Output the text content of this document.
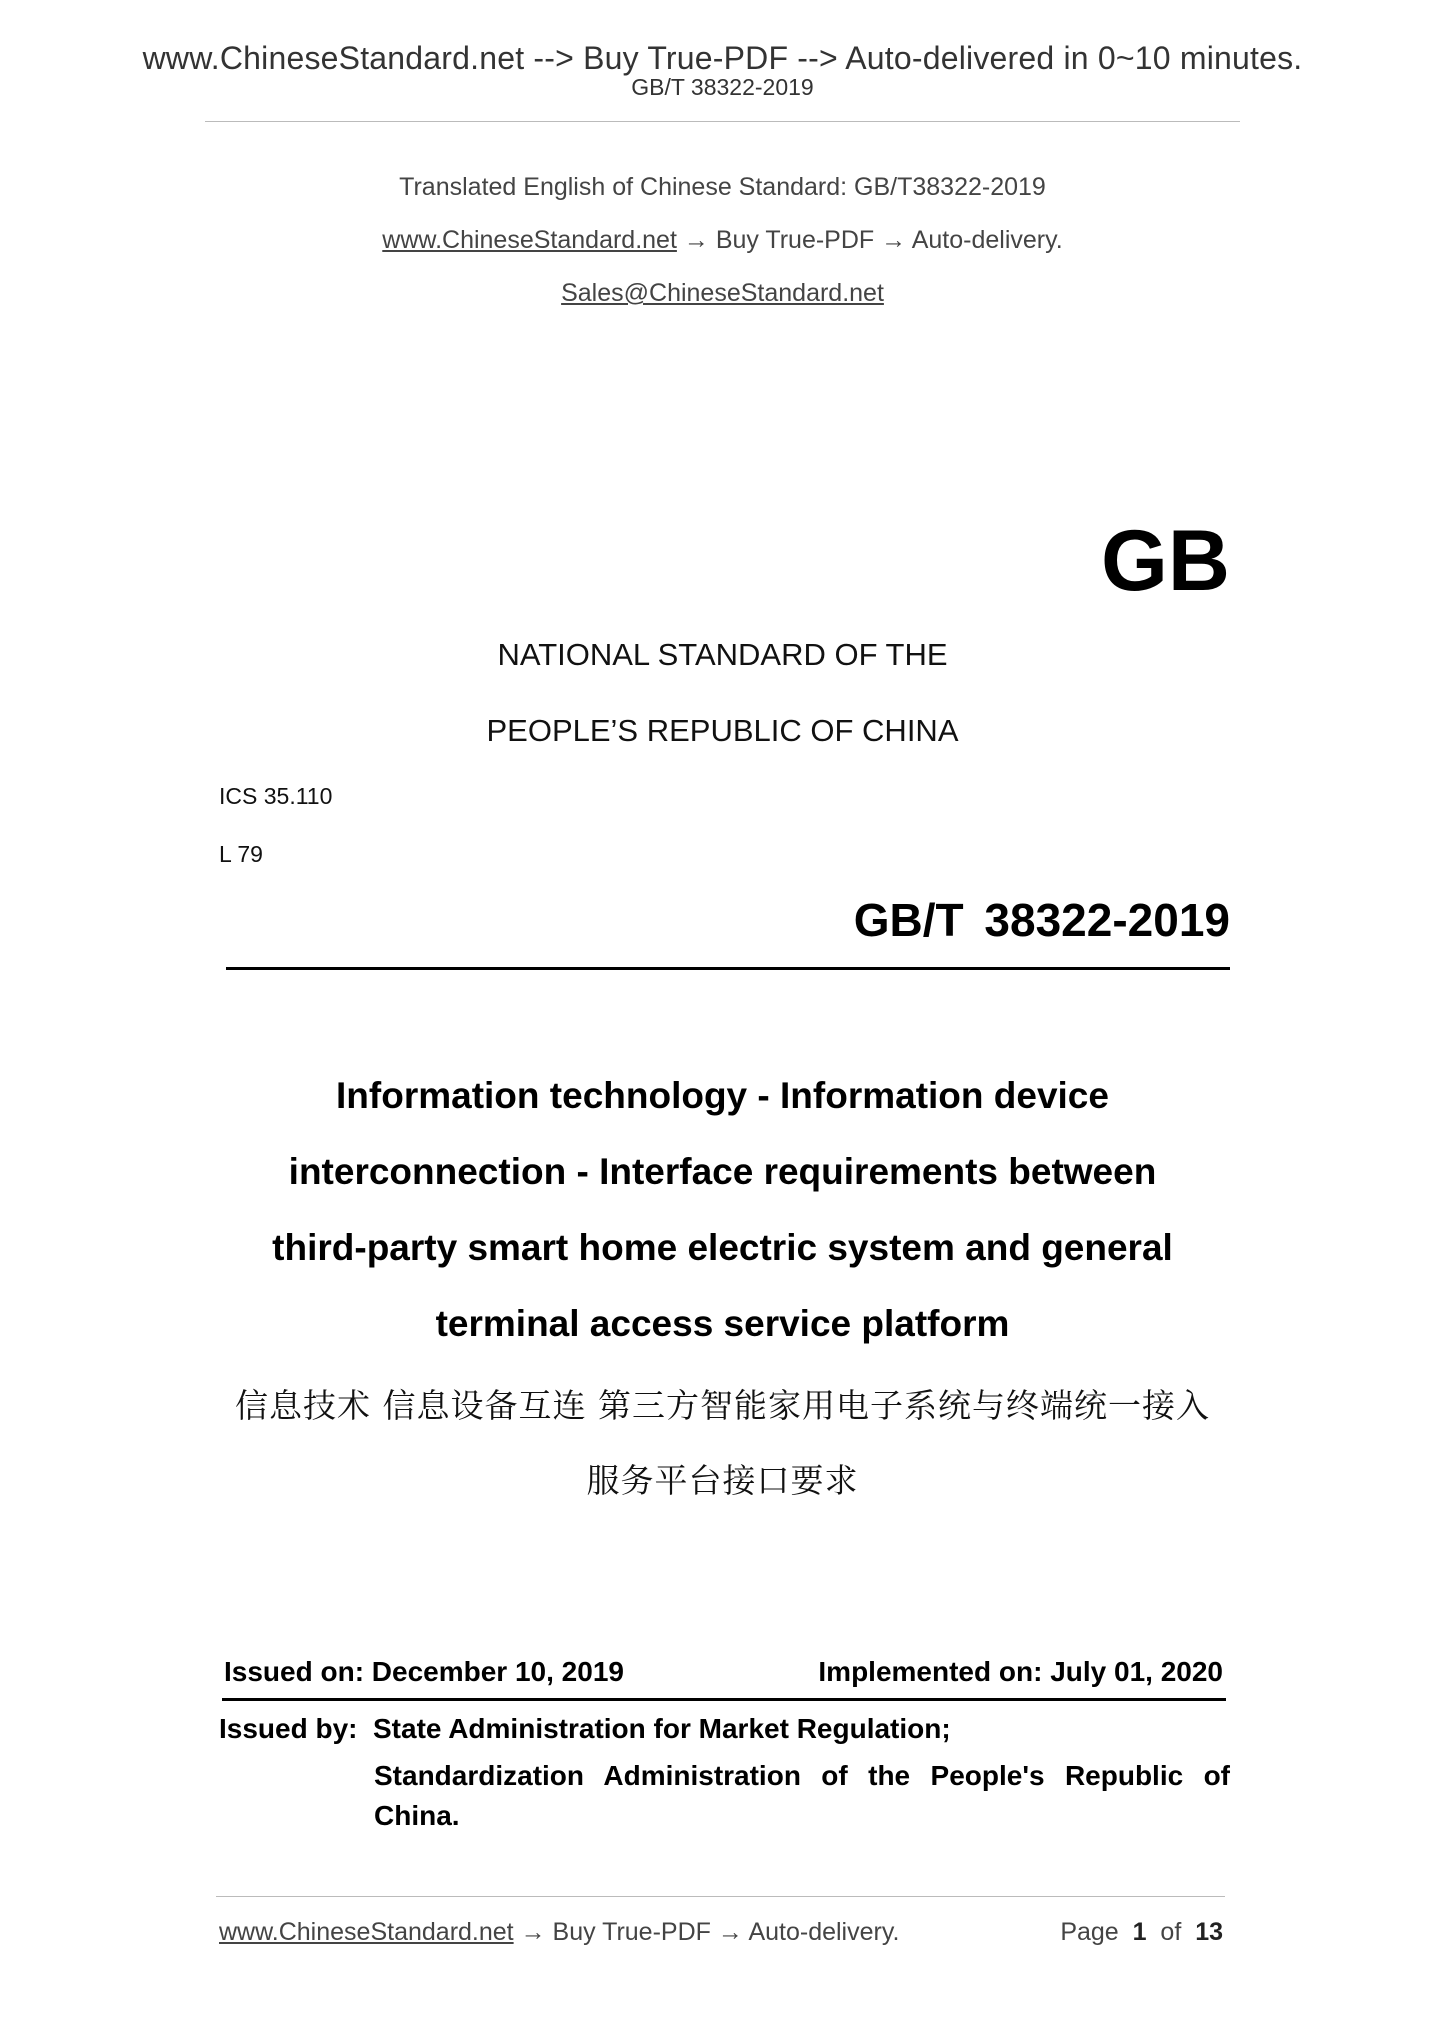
www.ChineseStandard.net --> Buy True-PDF --> Auto-delivered in 0~10 minutes.
GB/T 38322-2019
Translated English of Chinese Standard: GB/T38322-2019
www.ChineseStandard.net → Buy True-PDF → Auto-delivery.
Sales@ChineseStandard.net
GB
NATIONAL STANDARD OF THE
PEOPLE’S REPUBLIC OF CHINA
ICS 35.110
L 79
GB/T 38322-2019
Information technology - Information device
interconnection - Interface requirements between
third-party smart home electric system and general
terminal access service platform
信息技术 信息设备互连 第三方智能家用电子系统与终端统一接入
服务平台接口要求
Issued on: December 10, 2019	Implemented on: July 01, 2020
Issued by: State Administration for Market Regulation;
Standardization Administration of the People's Republic of
China.
www.ChineseStandard.net → Buy True-PDF → Auto-delivery.	Page 1 of 13
